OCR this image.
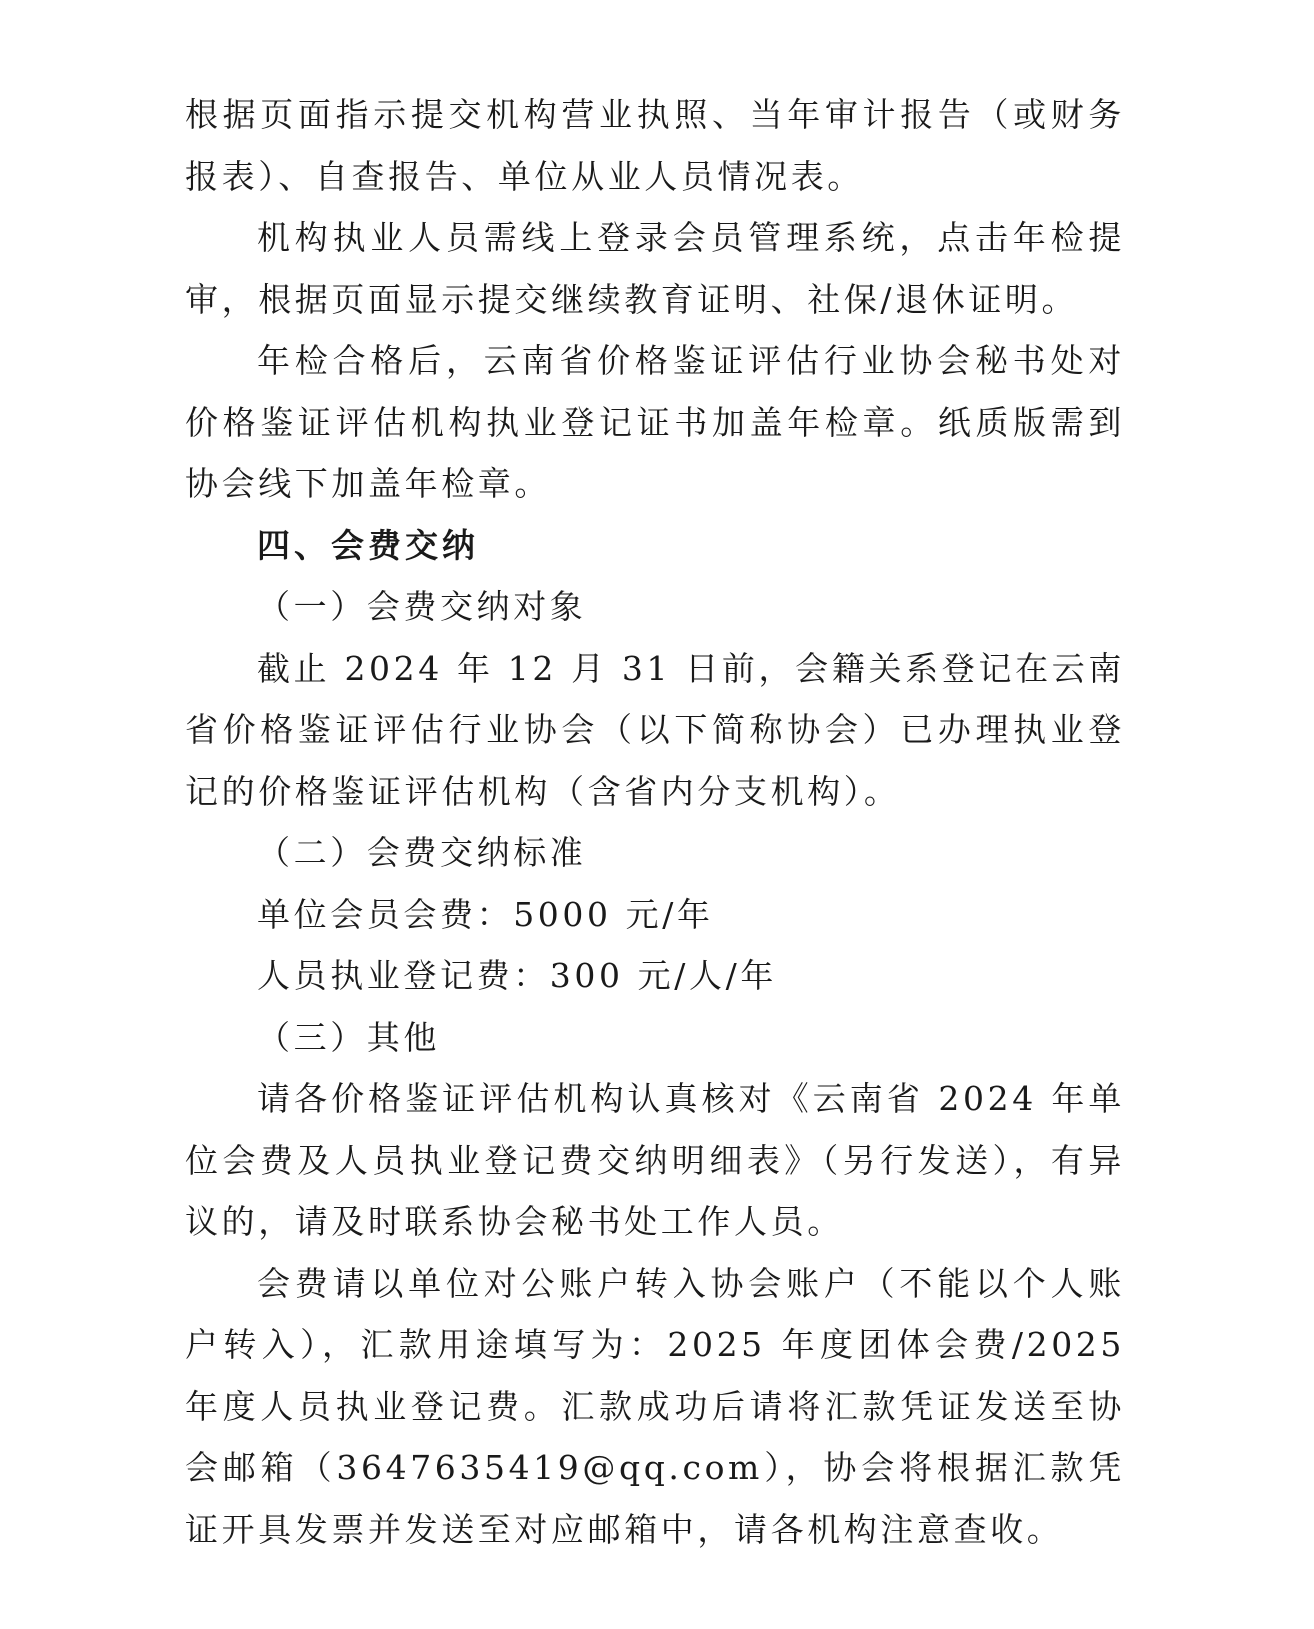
根据页面指示提交机构营业执照、当年审计报告（或财务报表）、自查报告、单位从业人员情况表。

机构执业人员需线上登录会员管理系统，点击年检提审，根据页面显示提交继续教育证明、社保/退休证明。

年检合格后，云南省价格鉴证评估行业协会秘书处对价格鉴证评估机构执业登记证书加盖年检章。纸质版需到协会线下加盖年检章。

四、会费交纳

（一）会费交纳对象

截止 2024 年 12 月 31 日前，会籍关系登记在云南省价格鉴证评估行业协会（以下简称协会）已办理执业登记的价格鉴证评估机构（含省内分支机构）。

（二）会费交纳标准

单位会员会费：5000 元/年

人员执业登记费：300 元/人/年

（三）其他

请各价格鉴证评估机构认真核对《云南省 2024 年单位会费及人员执业登记费交纳明细表》（另行发送），有异议的，请及时联系协会秘书处工作人员。

会费请以单位对公账户转入协会账户（不能以个人账户转入），汇款用途填写为：2025 年度团体会费/2025 年度人员执业登记费。汇款成功后请将汇款凭证发送至协会邮箱（3647635419@qq.com），协会将根据汇款凭证开具发票并发送至对应邮箱中，请各机构注意查收。
